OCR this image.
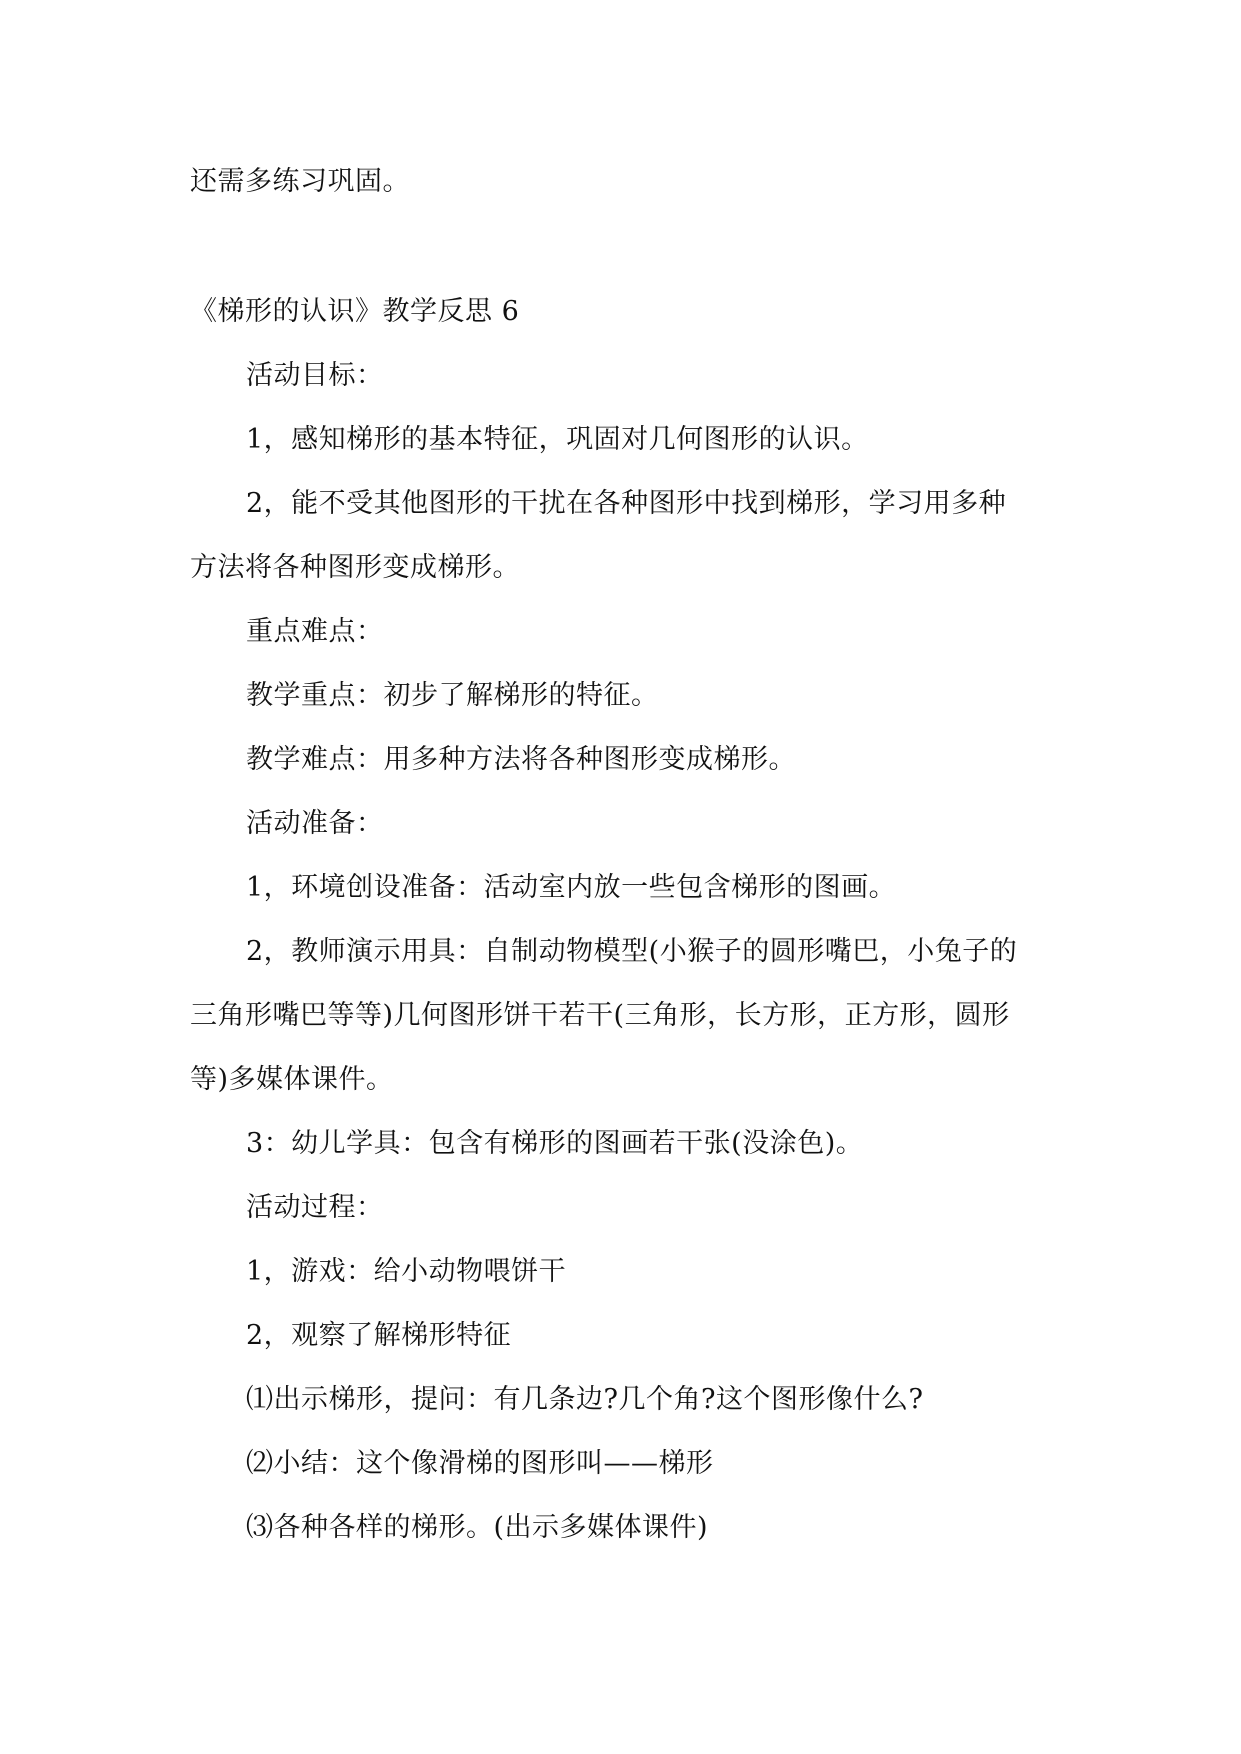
还需多练习巩固。
《梯形的认识》教学反思 6
活动目标：
1，感知梯形的基本特征，巩固对几何图形的认识。
2，能不受其他图形的干扰在各种图形中找到梯形，学习用多种
方法将各种图形变成梯形。
重点难点：
教学重点：初步了解梯形的特征。
教学难点：用多种方法将各种图形变成梯形。
活动准备：
1，环境创设准备：活动室内放一些包含梯形的图画。
2，教师演示用具：自制动物模型(小猴子的圆形嘴巴，小兔子的
三角形嘴巴等等)几何图形饼干若干(三角形，长方形，正方形，圆形
等)多媒体课件。
3：幼儿学具：包含有梯形的图画若干张(没涂色)。
活动过程：
1，游戏：给小动物喂饼干
2，观察了解梯形特征
⑴出示梯形，提问：有几条边?几个角?这个图形像什么?
⑵小结：这个像滑梯的图形叫——梯形
⑶各种各样的梯形。(出示多媒体课件)
